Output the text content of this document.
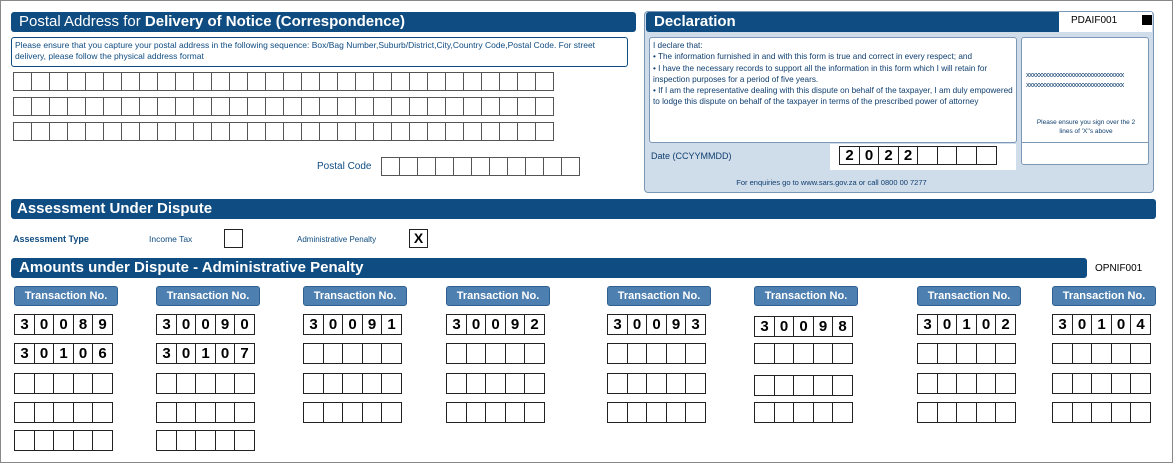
Postal Address for Delivery of Notice (Correspondence)
Please ensure that you capture your postal address in the following sequence: Box/Bag Number,Suburb/District,City,Country Code,Postal Code. For street delivery, please follow the physical address format
Postal Code
Declaration	PDAIF001
I declare that:
• The information furnished in and with this form is true and correct in every respect; and
• I have the necessary records to support all the information in this form which I will retain for inspection purposes for a period of five years.
• If I am the representative dealing with this dispute on behalf of the taxpayer, I am duly empowered to lodge this dispute on behalf of the taxpayer in terms of the prescribed power of attorney
xxxxxxxxxxxxxxxxxxxxxxxxxxxxxxx
xxxxxxxxxxxxxxxxxxxxxxxxxxxxxxx
Please ensure you sign over the 2 lines of 'X''s above
Date (CCYYMMDD)	2 0 2 2
For enquiries go to www.sars.gov.za or call 0800 00 7277
Assessment Under Dispute
Assessment Type	Income Tax	Administrative Penalty	X
Amounts under Dispute - Administrative Penalty	OPNIF001
Transaction No.
3 0 0 8 9
3 0 1 0 6
Transaction No.
3 0 0 9 0
3 0 1 0 7
Transaction No.
3 0 0 9 1
Transaction No.
3 0 0 9 2
Transaction No.
3 0 0 9 3
Transaction No.
3 0 0 9 8
Transaction No.
3 0 1 0 2
Transaction No.
3 0 1 0 4
